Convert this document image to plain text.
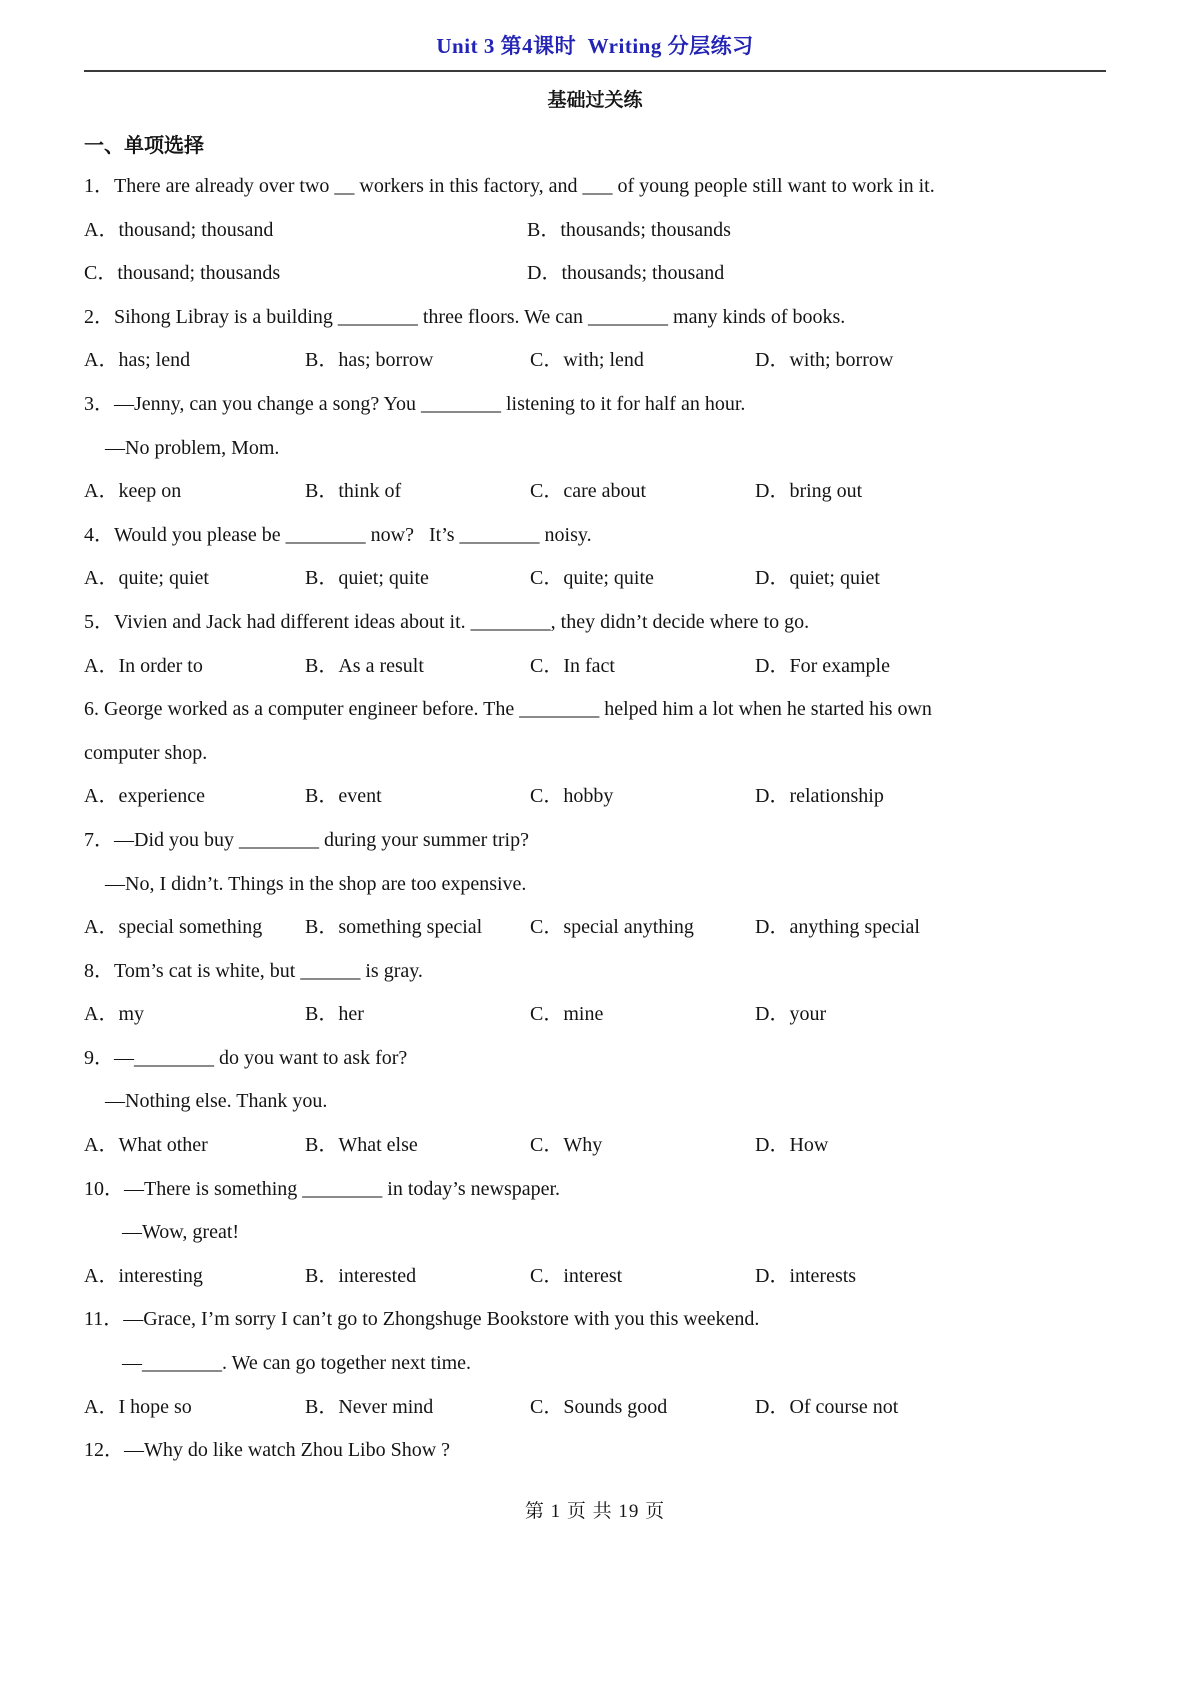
Unit 3 第4课时  Writing 分层练习
基础过关练
一、单项选择
1．There are already over two __ workers in this factory, and ___ of young people still want to work in it.
A．thousand; thousand	B．thousands; thousands
C．thousand; thousands	D．thousands; thousand
2．Sihong Libray is a building ________ three floors. We can ________ many kinds of books.
A．has; lend	B．has; borrow	C．with; lend	D．with; borrow
3．—Jenny, can you change a song? You ________ listening to it for half an hour.
—No problem, Mom.
A．keep on	B．think of	C．care about	D．bring out
4．Would you please be ________ now?   It’s ________ noisy.
A．quite; quiet	B．quiet; quite	C．quite; quite	D．quiet; quiet
5．Vivien and Jack had different ideas about it. ________, they didn’t decide where to go.
A．In order to	B．As a result	C．In fact	D．For example
6. George worked as a computer engineer before. The ________ helped him a lot when he started his own
computer shop.
A．experience	B．event	C．hobby	D．relationship
7．—Did you buy ________ during your summer trip?
—No, I didn’t. Things in the shop are too expensive.
A．special something	B．something special	C．special anything	D．anything special
8．Tom’s cat is white, but ______ is gray.
A．my	B．her	C．mine	D．your
9．—________ do you want to ask for?
—Nothing else. Thank you.
A．What other	B．What else	C．Why	D．How
10．—There is something ________ in today’s newspaper.
—Wow, great!
A．interesting	B．interested	C．interest	D．interests
11．—Grace, I’m sorry I can’t go to Zhongshuge Bookstore with you this weekend.
—________. We can go together next time.
A．I hope so	B．Never mind	C．Sounds good	D．Of course not
12．—Why do like watch Zhou Libo Show ?
第 1 页 共 19 页
